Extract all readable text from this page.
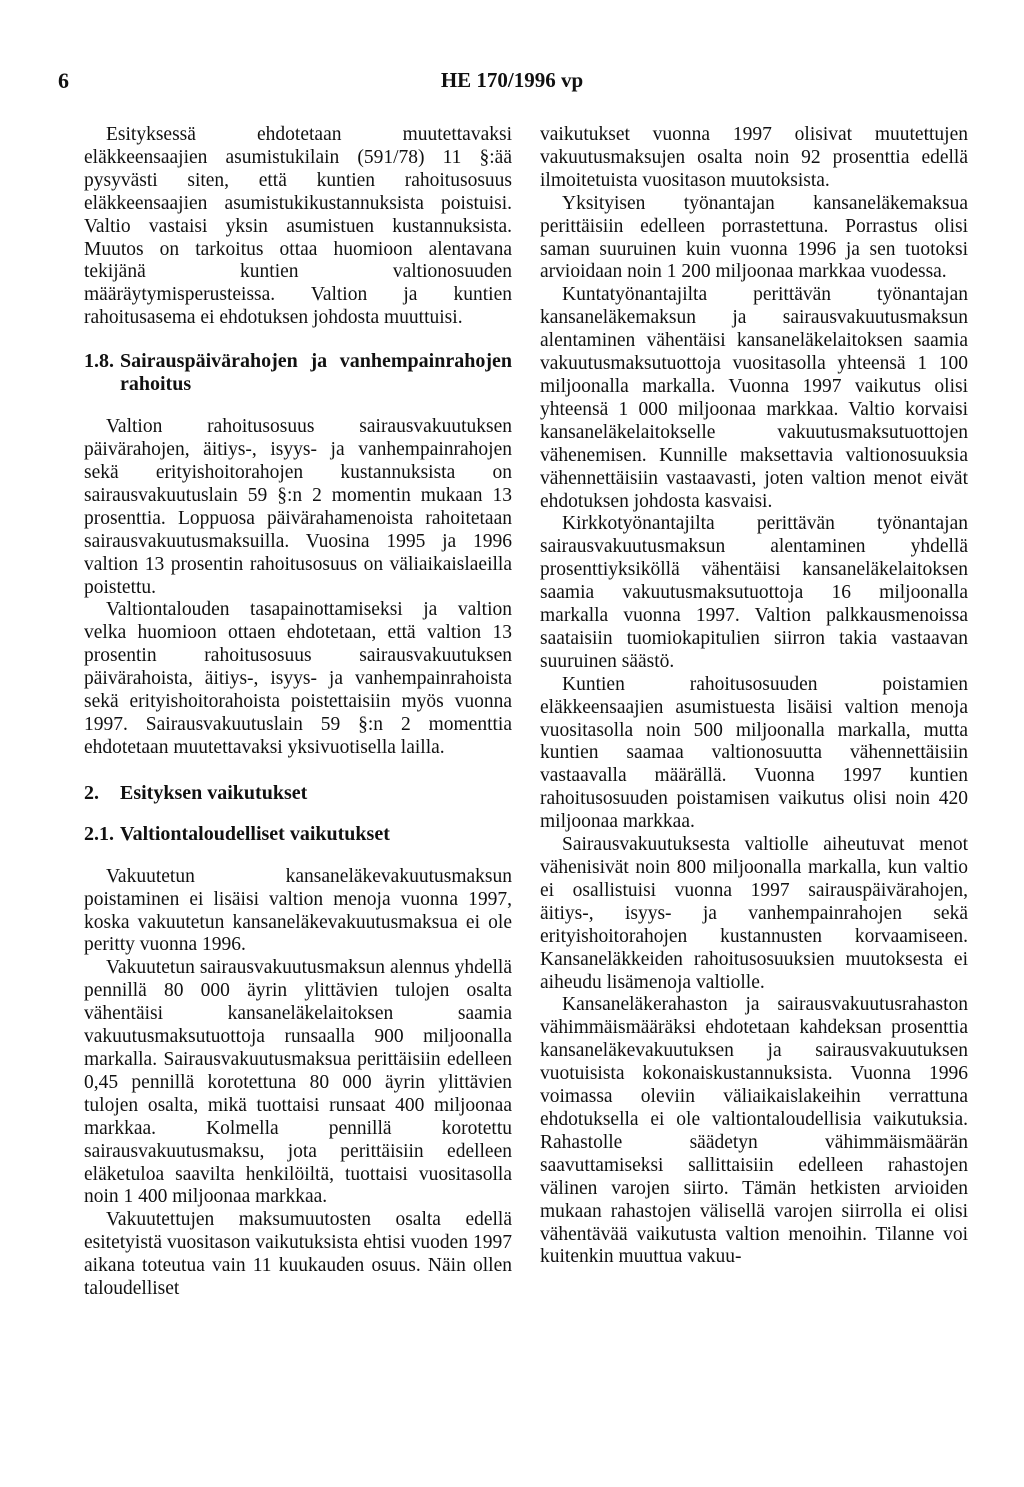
6	HE 170/1996 vp

Esityksessä ehdotetaan muutettavaksi eläkkeensaajien asumistukilain (591/78) 11 §:ää pysyvästi siten, että kuntien rahoitusosuus eläkkeensaajien asumistukikustannuksista poistuisi. Valtio vastaisi yksin asumistuen kustannuksista. Muutos on tarkoitus ottaa huomioon alentavana tekijänä kuntien valtionosuuden määräytymisperusteissa. Valtion ja kuntien rahoitusasema ei ehdotuksen johdosta muuttuisi.

1.8. Sairauspäivärahojen ja vanhempainrahojen rahoitus

Valtion rahoitusosuus sairausvakuutuksen päivärahojen, äitiys-, isyys- ja vanhempainrahojen sekä erityishoitorahojen kustannuksista on sairausvakuutuslain 59 §:n 2 momentin mukaan 13 prosenttia. Loppuosa päivärahamenoista rahoitetaan sairausvakuutusmaksuilla. Vuosina 1995 ja 1996 valtion 13 prosentin rahoitusosuus on väliaikaislaeilla poistettu.

Valtiontalouden tasapainottamiseksi ja valtion velka huomioon ottaen ehdotetaan, että valtion 13 prosentin rahoitusosuus sairausvakuutuksen päivärahoista, äitiys-, isyys- ja vanhempainrahoista sekä erityishoitorahoista poistettaisiin myös vuonna 1997. Sairausvakuutuslain 59 §:n 2 momenttia ehdotetaan muutettavaksi yksivuotisella lailla.

2.	Esityksen vaikutukset
2.1. Valtiontaloudelliset vaikutukset

Vakuutetun kansaneläkevakuutusmaksun poistaminen ei lisäisi valtion menoja vuonna 1997, koska vakuutetun kansaneläkevakuutusmaksua ei ole peritty vuonna 1996.

Vakuutetun sairausvakuutusmaksun alennus yhdellä pennillä 80 000 äyrin ylittävien tulojen osalta vähentäisi kansaneläkelaitoksen saamia vakuutusmaksutuottoja runsaalla 900 miljoonalla markalla. Sairausvakuutusmaksua perittäisiin edelleen 0,45 pennillä korotettuna 80 000 äyrin ylittävien tulojen osalta, mikä tuottaisi runsaat 400 miljoonaa markkaa. Kolmella pennillä korotettu sairausvakuutusmaksu, jota perittäisiin edelleen eläketuloa saavilta henkilöiltä, tuottaisi vuositasolla noin 1 400 miljoonaa markkaa.

Vakuutettujen maksumuutosten osalta edellä esitetyistä vuositason vaikutuksista ehtisi vuoden 1997 aikana toteutua vain 11 kuukauden osuus. Näin ollen taloudelliset

vaikutukset vuonna 1997 olisivat muutettujen vakuutusmaksujen osalta noin 92 prosenttia edellä ilmoitetuista vuositason muutoksista.

Yksityisen työnantajan kansaneläkemaksua perittäisiin edelleen porrastettuna. Porrastus olisi saman suuruinen kuin vuonna 1996 ja sen tuotoksi arvioidaan noin 1 200 miljoonaa markkaa vuodessa.

Kuntatyönantajilta perittävän työnantajan kansaneläkemaksun ja sairausvakuutusmaksun alentaminen vähentäisi kansaneläkelaitoksen saamia vakuutusmaksutuottoja vuositasolla yhteensä 1 100 miljoonalla markalla. Vuonna 1997 vaikutus olisi yhteensä 1 000 miljoonaa markkaa. Valtio korvaisi kansaneläkelaitokselle vakuutusmaksutuottojen vähenemisen. Kunnille maksettavia valtionosuuksia vähennettäisiin vastaavasti, joten valtion menot eivät ehdotuksen johdosta kasvaisi.

Kirkkotyönantajilta perittävän työnantajan sairausvakuutusmaksun alentaminen yhdellä prosenttiyksiköllä vähentäisi kansaneläkelaitoksen saamia vakuutusmaksutuottoja 16 miljoonalla markalla vuonna 1997. Valtion palkkausmenoissa saataisiin tuomiokapitulien siirron takia vastaavan suuruinen säästö.

Kuntien rahoitusosuuden poistamien eläkkeensaajien asumistuesta lisäisi valtion menoja vuositasolla noin 500 miljoonalla markalla, mutta kuntien saamaa valtionosuutta vähennettäisiin vastaavalla määrällä. Vuonna 1997 kuntien rahoitusosuuden poistamisen vaikutus olisi noin 420 miljoonaa markkaa.

Sairausvakuutuksesta valtiolle aiheutuvat menot vähenisivät noin 800 miljoonalla markalla, kun valtio ei osallistuisi vuonna 1997 sairauspäivärahojen, äitiys-, isyys- ja vanhempainrahojen sekä erityishoitorahojen kustannusten korvaamiseen. Kansaneläkkeiden rahoitusosuuksien muutoksesta ei aiheudu lisämenoja valtiolle.

Kansaneläkerahaston ja sairausvakuutusrahaston vähimmäismääräksi ehdotetaan kahdeksan prosenttia kansaneläkevakuutuksen ja sairausvakuutuksen vuotuisista kokonaiskustannuksista. Vuonna 1996 voimassa oleviin väliaikaislakeihin verrattuna ehdotuksella ei ole valtiontaloudellisia vaikutuksia. Rahastolle säädetyn vähimmäismäärän saavuttamiseksi sallittaisiin edelleen rahastojen välinen varojen siirto. Tämän hetkisten arvioiden mukaan rahastojen välisellä varojen siirrolla ei olisi vähentävää vaikutusta valtion menoihin. Tilanne voi kuitenkin muuttua vakuu-
